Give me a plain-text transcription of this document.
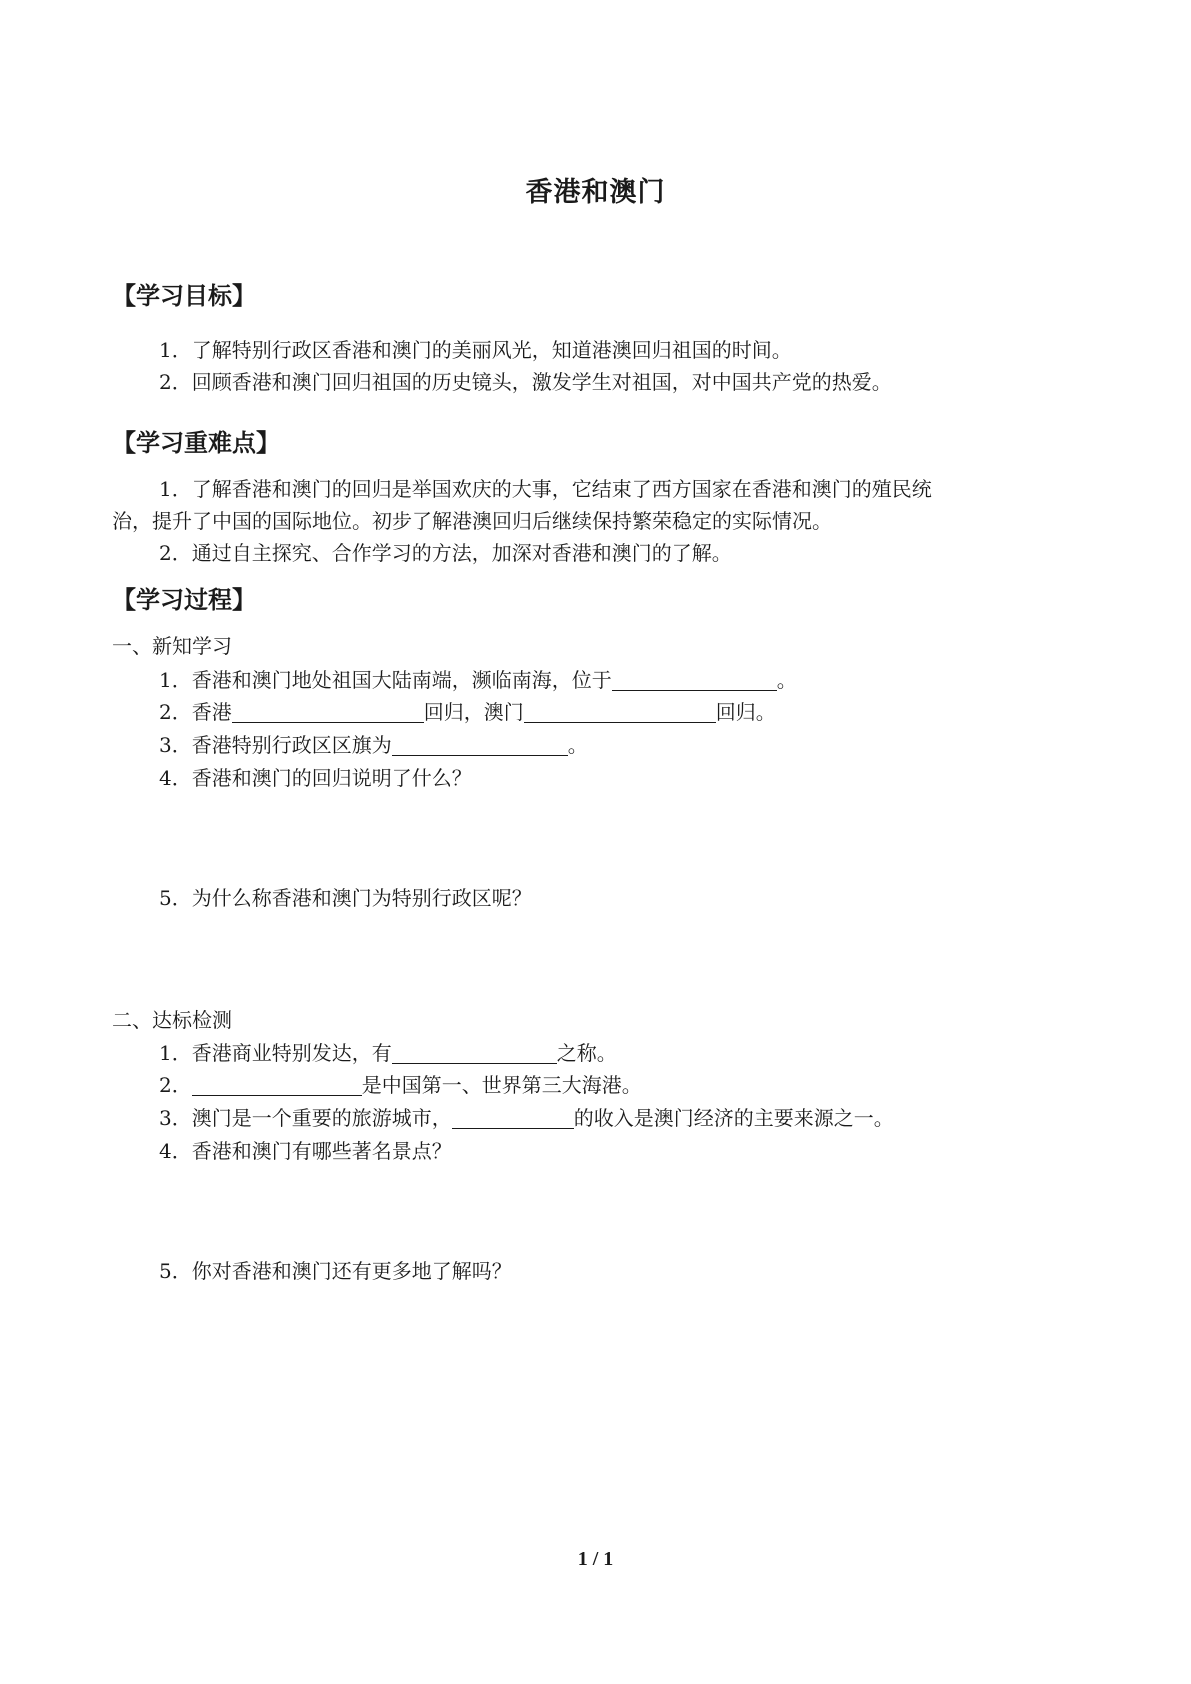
香港和澳门
【学习目标】
1．了解特别行政区香港和澳门的美丽风光，知道港澳回归祖国的时间。
2．回顾香港和澳门回归祖国的历史镜头，激发学生对祖国，对中国共产党的热爱。
【学习重难点】
1．了解香港和澳门的回归是举国欢庆的大事，它结束了西方国家在香港和澳门的殖民统
治，提升了中国的国际地位。初步了解港澳回归后继续保持繁荣稳定的实际情况。
2．通过自主探究、合作学习的方法，加深对香港和澳门的了解。
【学习过程】
一、新知学习
1．香港和澳门地处祖国大陆南端，濒临南海，位于	。
2．香港	回归，澳门	回归。
3．香港特别行政区区旗为	。
4．香港和澳门的回归说明了什么？
5．为什么称香港和澳门为特别行政区呢？
二、达标检测
1．香港商业特别发达，有	之称。
2．	是中国第一、世界第三大海港。
3．澳门是一个重要的旅游城市，	的收入是澳门经济的主要来源之一。
4．香港和澳门有哪些著名景点？
5．你对香港和澳门还有更多地了解吗？
1 / 1
